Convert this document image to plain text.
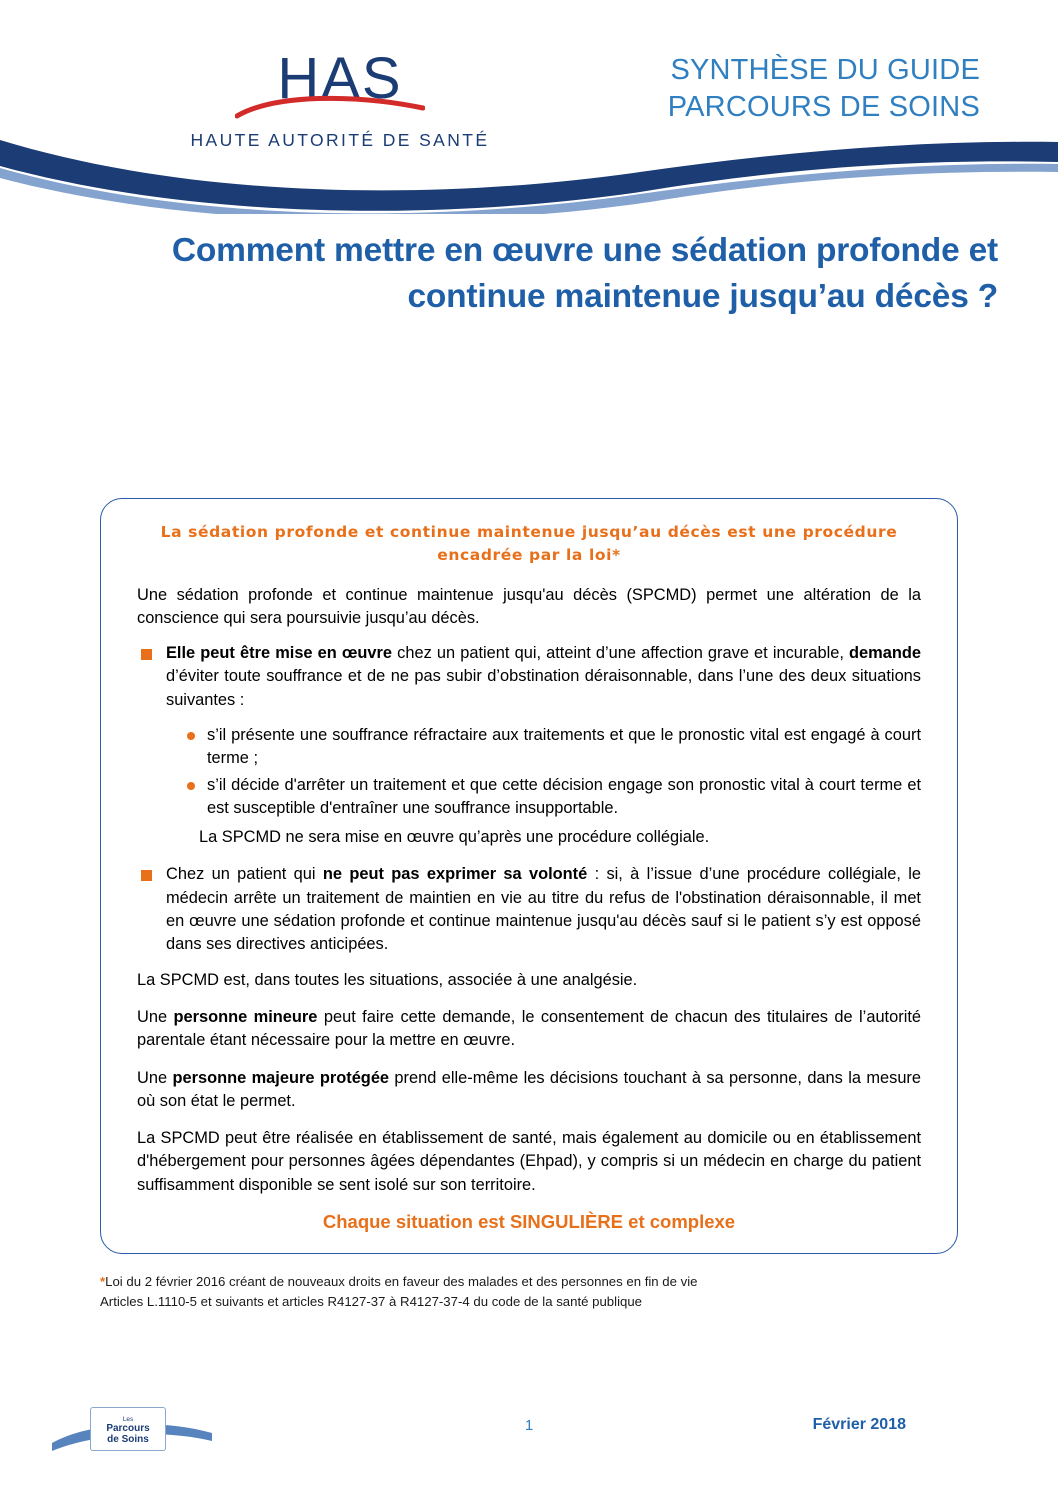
HAS
HAUTE AUTORITÉ DE SANTÉ
SYNTHÈSE DU GUIDE
PARCOURS DE SOINS
Comment mettre en œuvre une sédation profonde et continue maintenue jusqu’au décès ?
La sédation profonde et continue maintenue jusqu’au décès est une procédure encadrée par la loi*

Une sédation profonde et continue maintenue jusqu'au décès (SPCMD) permet une altération de la conscience qui sera poursuivie jusqu’au décès.

Elle peut être mise en œuvre chez un patient qui, atteint d’une affection grave et incurable, demande d’éviter toute souffrance et de ne pas subir d’obstination déraisonnable, dans l’une des deux situations suivantes :
s’il présente une souffrance réfractaire aux traitements et que le pronostic vital est engagé à court terme ;
s’il décide d'arrêter un traitement et que cette décision engage son pronostic vital à court terme et est susceptible d'entraîner une souffrance insupportable.
La SPCMD ne sera mise en œuvre qu’après une procédure collégiale.
Chez un patient qui ne peut pas exprimer sa volonté : si, à l’issue d’une procédure collégiale, le médecin arrête un traitement de maintien en vie au titre du refus de l'obstination déraisonnable, il met en œuvre une sédation profonde et continue maintenue jusqu'au décès sauf si le patient s’y est opposé dans ses directives anticipées.

La SPCMD est, dans toutes les situations, associée à une analgésie.

Une personne mineure peut faire cette demande, le consentement de chacun des titulaires de l’autorité parentale étant nécessaire pour la mettre en œuvre.

Une personne majeure protégée prend elle-même les décisions touchant à sa personne, dans la mesure où son état le permet.

La SPCMD peut être réalisée en établissement de santé, mais également au domicile ou en établissement d'hébergement pour personnes âgées dépendantes (Ehpad), y compris si un médecin en charge du patient suffisamment disponible se sent isolé sur son territoire.

Chaque situation est SINGULIÈRE et complexe
*Loi du 2 février 2016 créant de nouveaux droits en faveur des malades et des personnes en fin de vie
Articles L.1110-5 et suivants et articles R4127-37 à R4127-37-4 du code de la santé publique
Les
Parcours
de Soins
1	Février 2018
